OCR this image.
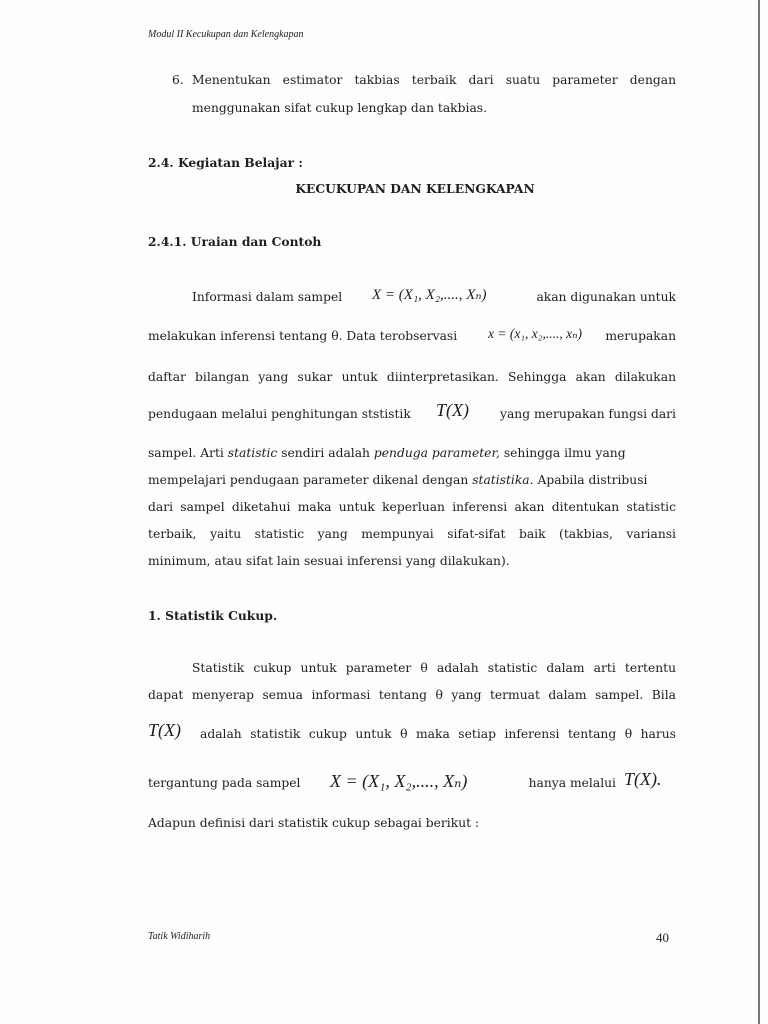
Modul II Kecukupan dan Kelengkapan
6. Menentukan estimator takbias terbaik dari suatu parameter dengan
menggunakan sifat cukup lengkap dan takbias.
2.4. Kegiatan Belajar :
KECUKUPAN DAN KELENGKAPAN
2.4.1. Uraian dan Contoh
Informasi dalam sampel	X = (X₁, X₂,...., Xₙ)	akan digunakan untuk
melakukan inferensi tentang θ. Data terobservasi	x = (x₁, x₂,...., xₙ)	merupakan
daftar bilangan yang sukar untuk diinterpretasikan. Sehingga akan dilakukan
pendugaan melalui penghitungan ststistik	T(X)	yang merupakan fungsi dari
sampel. Arti statistic sendiri adalah penduga parameter, sehingga ilmu yang
mempelajari pendugaan parameter dikenal dengan statistika. Apabila distribusi
dari sampel diketahui maka untuk keperluan inferensi akan ditentukan statistic
terbaik, yaitu statistic yang mempunyai sifat-sifat baik (takbias, variansi
minimum, atau sifat lain sesuai inferensi yang dilakukan).
1. Statistik Cukup.
Statistik cukup untuk parameter θ adalah statistic dalam arti tertentu
dapat menyerap semua informasi tentang θ yang termuat dalam sampel. Bila
T(X)	adalah statistik cukup untuk θ maka setiap inferensi tentang θ harus
tergantung pada sampel	X = (X₁, X₂,...., Xₙ)	hanya melalui T(X).
Adapun definisi dari statistik cukup sebagai berikut :
Tatik Widiharih	40
